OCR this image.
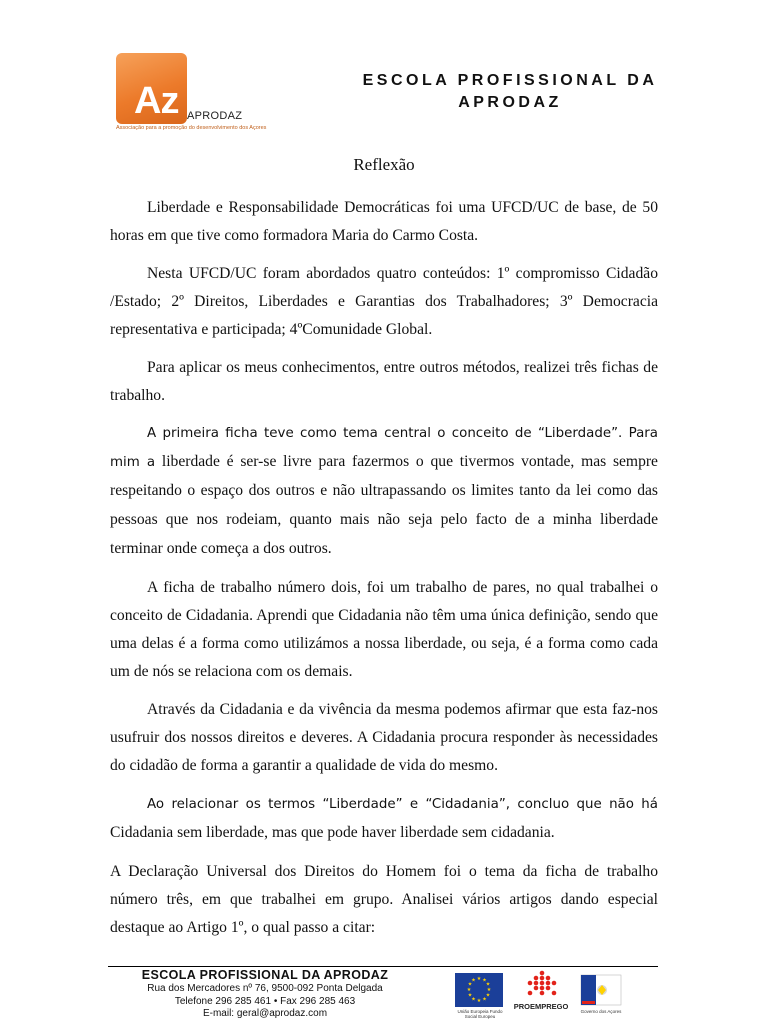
Az APRODAZ
Associação para a promoção do desenvolvimento dos Açores
ESCOLA PROFISSIONAL DA
APRODAZ
Reflexão

Liberdade e Responsabilidade Democráticas foi uma UFCD/UC de base, de 50 horas em que tive como formadora Maria do Carmo Costa.

Nesta UFCD/UC foram abordados quatro conteúdos: 1º compromisso Cidadão /Estado; 2º Direitos, Liberdades e Garantias dos Trabalhadores; 3º Democracia representativa e participada; 4ºComunidade Global.

Para aplicar os meus conhecimentos, entre outros métodos, realizei três fichas de trabalho.

A primeira ficha teve como tema central o conceito de “Liberdade”. Para mim a liberdade é ser-se livre para fazermos o que tivermos vontade, mas sempre respeitando o espaço dos outros e não ultrapassando os limites tanto da lei como das pessoas que nos rodeiam, quanto mais não seja pelo facto de a minha liberdade terminar onde começa a dos outros.

A ficha de trabalho número dois, foi um trabalho de pares, no qual trabalhei o conceito de Cidadania. Aprendi que Cidadania não têm uma única definição, sendo que uma delas é a forma como utilizámos a nossa liberdade, ou seja, é a forma como cada um de nós se relaciona com os demais.

Através da Cidadania e da vivência da mesma podemos afirmar que esta faz-nos usufruir dos nossos direitos e deveres. A Cidadania procura responder às necessidades do cidadão de forma a garantir a qualidade de vida do mesmo.

Ao relacionar os termos “Liberdade” e “Cidadania”, concluo que não há Cidadania sem liberdade, mas que pode haver liberdade sem cidadania.

A Declaração Universal dos Direitos do Homem foi o tema da ficha de trabalho número três, em que trabalhei em grupo. Analisei vários artigos dando especial destaque ao Artigo 1º, o qual passo a citar:

ESCOLA PROFISSIONAL DA APRODAZ
Rua dos Mercadores nº 76, 9500-092 Ponta Delgada
Telefone 296 285 461 • Fax 296 285 463
E-mail: geral@aprodaz.com
★ ★
★
★
★
★
★
★
★
★
★
★
União Europeia Fundo Social Europeu
PROEMPREGO
Governo dos Açores
